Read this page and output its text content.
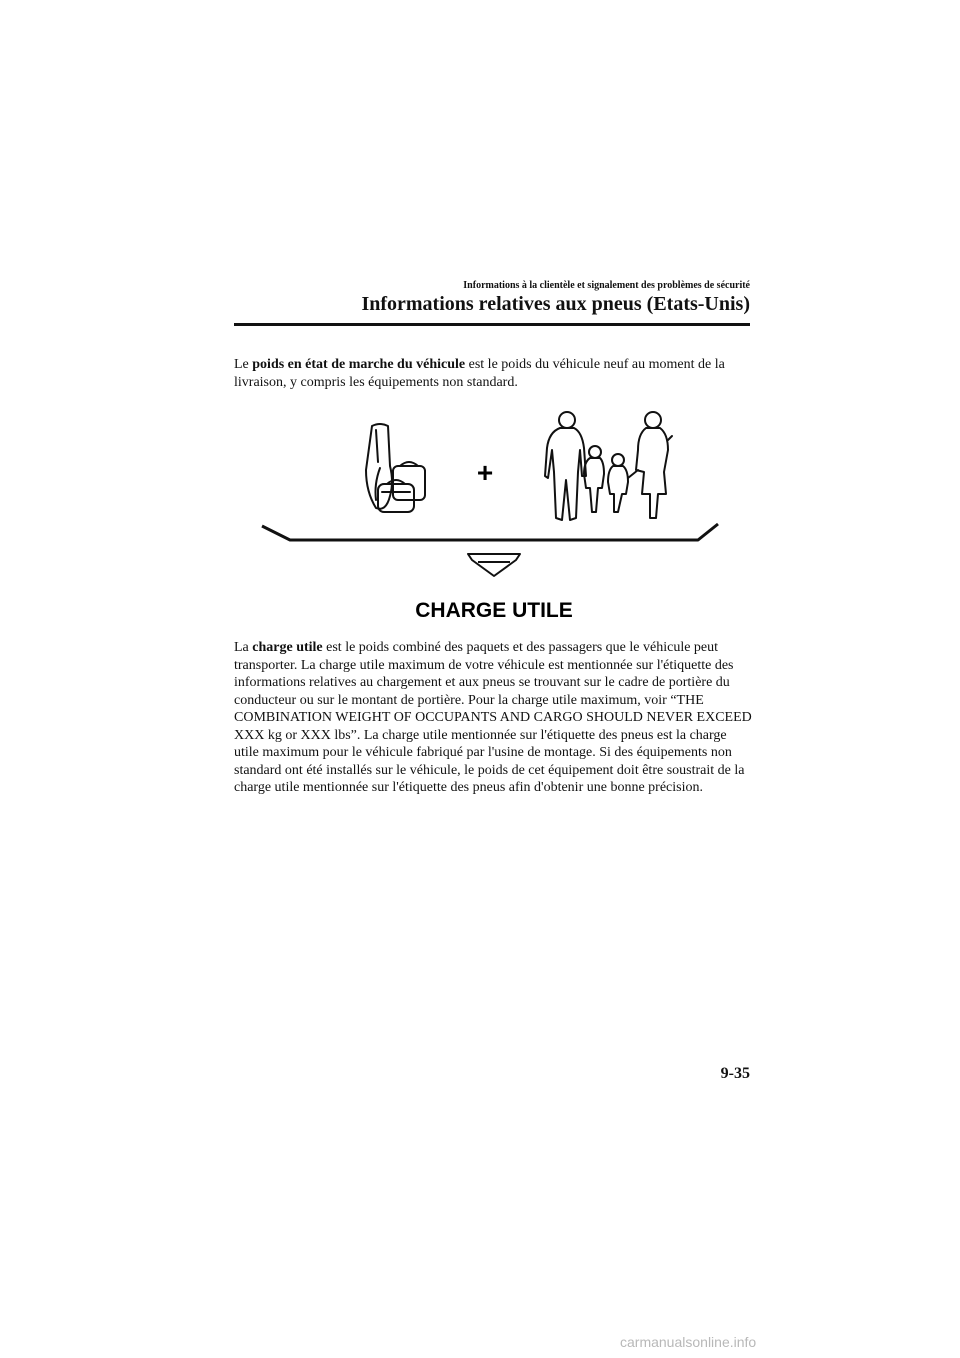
Informations à la clientèle et signalement des problèmes de sécurité
Informations relatives aux pneus (Etats-Unis)
Le poids en état de marche du véhicule est le poids du véhicule neuf au moment de la livraison, y compris les équipements non standard.
+
CHARGE UTILE
La charge utile est le poids combiné des paquets et des passagers que le véhicule peut transporter. La charge utile maximum de votre véhicule est mentionnée sur l'étiquette des informations relatives au chargement et aux pneus se trouvant sur le cadre de portière du conducteur ou sur le montant de portière. Pour la charge utile maximum, voir “THE COMBINATION WEIGHT OF OCCUPANTS AND CARGO SHOULD NEVER EXCEED XXX kg or XXX lbs”. La charge utile mentionnée sur l'étiquette des pneus est la charge utile maximum pour le véhicule fabriqué par l'usine de montage. Si des équipements non standard ont été installés sur le véhicule, le poids de cet équipement doit être soustrait de la charge utile mentionnée sur l'étiquette des pneus afin d'obtenir une bonne précision.
9-35
carmanualsonline.info
